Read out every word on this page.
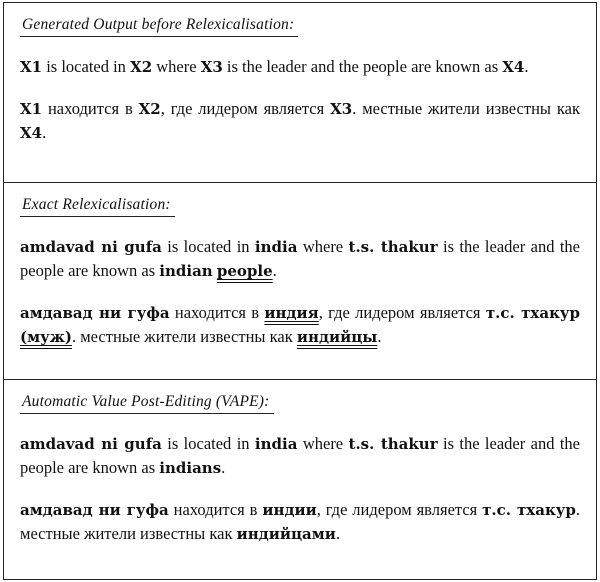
Generated Output before Relexicalisation:
X1 is located in X2 where X3 is the leader and the people are known as X4.
X1 находится в X2, где лидером является X3. местные жители известны как X4.
Exact Relexicalisation:
amdavad ni gufa is located in india where t.s. thakur is the leader and the people are known as indian people.
амдавад ни гуфа находится в индия, где лидером является т.с. тхакур (муж). местные жители известны как индийцы.
Automatic Value Post-Editing (VAPE):
amdavad ni gufa is located in india where t.s. thakur is the leader and the people are known as indians.
амдавад ни гуфа находится в индии, где лидером является т.с. тхакур. местные жители известны как индийцами.
